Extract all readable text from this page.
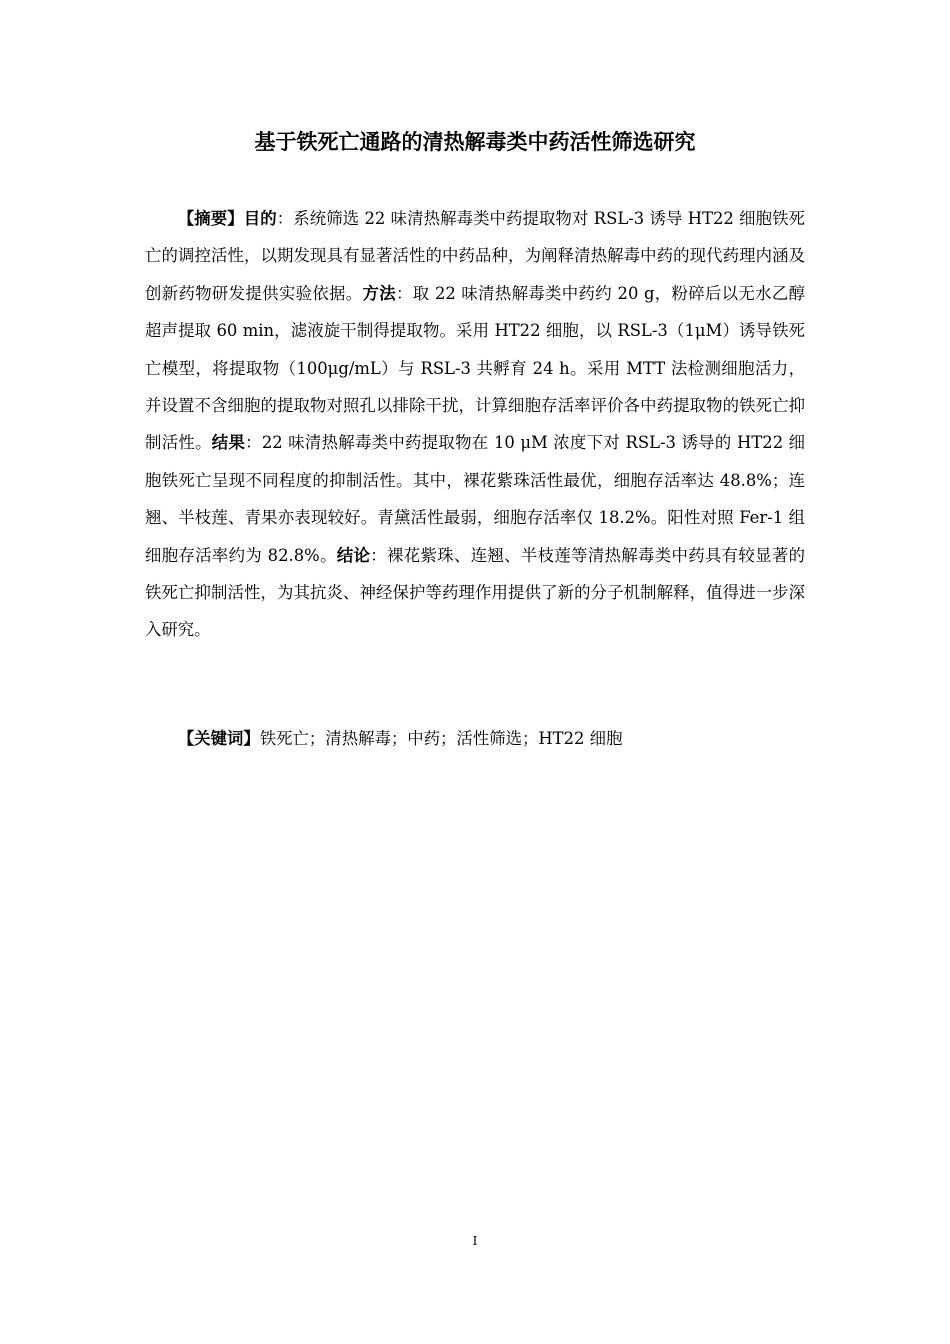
基于铁死亡通路的清热解毒类中药活性筛选研究

【摘要】目的：系统筛选 22 味清热解毒类中药提取物对 RSL-3 诱导 HT22 细胞铁死亡的调控活性，以期发现具有显著活性的中药品种，为阐释清热解毒中药的现代药理内涵及创新药物研发提供实验依据。方法：取 22 味清热解毒类中药约 20 g，粉碎后以无水乙醇超声提取 60 min，滤液旋干制得提取物。采用 HT22 细胞，以 RSL-3（1μM）诱导铁死亡模型，将提取物（100μg/mL）与 RSL-3 共孵育 24 h。采用 MTT 法检测细胞活力，并设置不含细胞的提取物对照孔以排除干扰，计算细胞存活率评价各中药提取物的铁死亡抑制活性。结果：22 味清热解毒类中药提取物在 10 μM 浓度下对 RSL-3 诱导的 HT22 细胞铁死亡呈现不同程度的抑制活性。其中，裸花紫珠活性最优，细胞存活率达 48.8%；连翘、半枝莲、青果亦表现较好。青黛活性最弱，细胞存活率仅 18.2%。阳性对照 Fer-1 组细胞存活率约为 82.8%。结论：裸花紫珠、连翘、半枝莲等清热解毒类中药具有较显著的铁死亡抑制活性，为其抗炎、神经保护等药理作用提供了新的分子机制解释，值得进一步深入研究。

【关键词】铁死亡；清热解毒；中药；活性筛选；HT22 细胞

I
